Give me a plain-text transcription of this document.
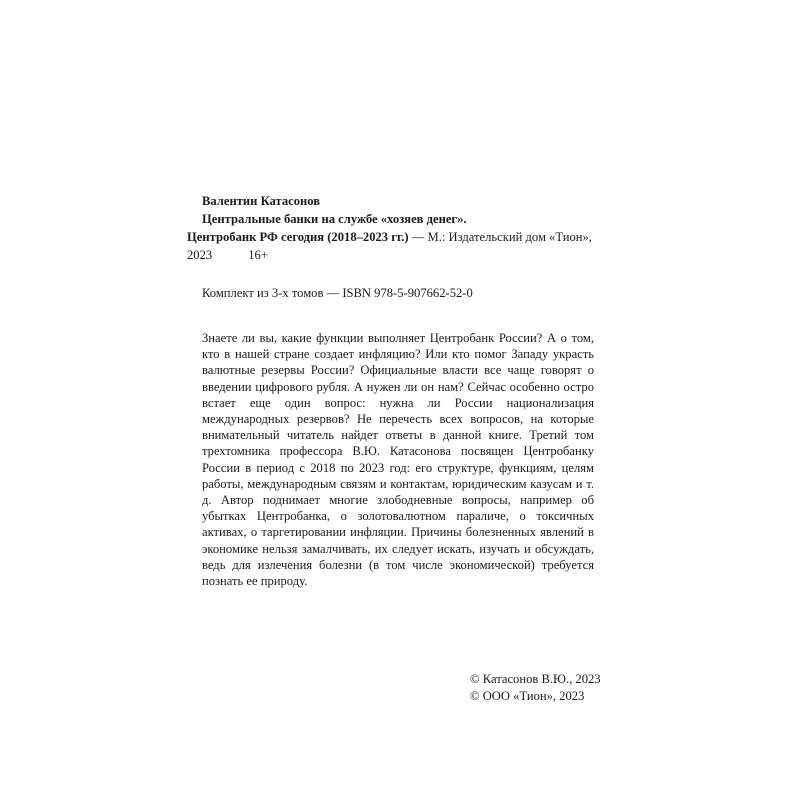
Валентин Катасонов
Центральные банки на службе «хозяев денег».
Центробанк РФ сегодня (2018–2023 гг.) — М.: Издательский дом «Тион»,
2023	16+
Комплект из 3-х томов — ISBN 978-5-907662-52-0
Знаете ли вы, какие функции выполняет Центробанк России? А о том, кто в нашей стране создает инфляцию? Или кто помог Западу украсть валютные резервы России? Официальные власти все чаще говорят о введении цифрового рубля. А нужен ли он нам? Сейчас особенно остро встает еще один вопрос: нужна ли России национализация международных резервов? Не перечесть всех вопросов, на которые внимательный читатель найдет ответы в данной книге. Третий том трехтомника профессора В.Ю. Катасонова посвящен Центробанку России в период с 2018 по 2023 год: его структуре, функциям, целям работы, международным связям и контактам, юридическим казусам и т. д. Автор поднимает многие злободневные вопросы, например об убытках Центробанка, о золотовалютном параличе, о токсичных активах, о таргетировании инфляции. Причины болезненных явлений в экономике нельзя замалчивать, их следует искать, изучать и обсуждать, ведь для излечения болезни (в том числе экономической) требуется познать ее природу.
© Катасонов В.Ю., 2023
© ООО «Тион», 2023
